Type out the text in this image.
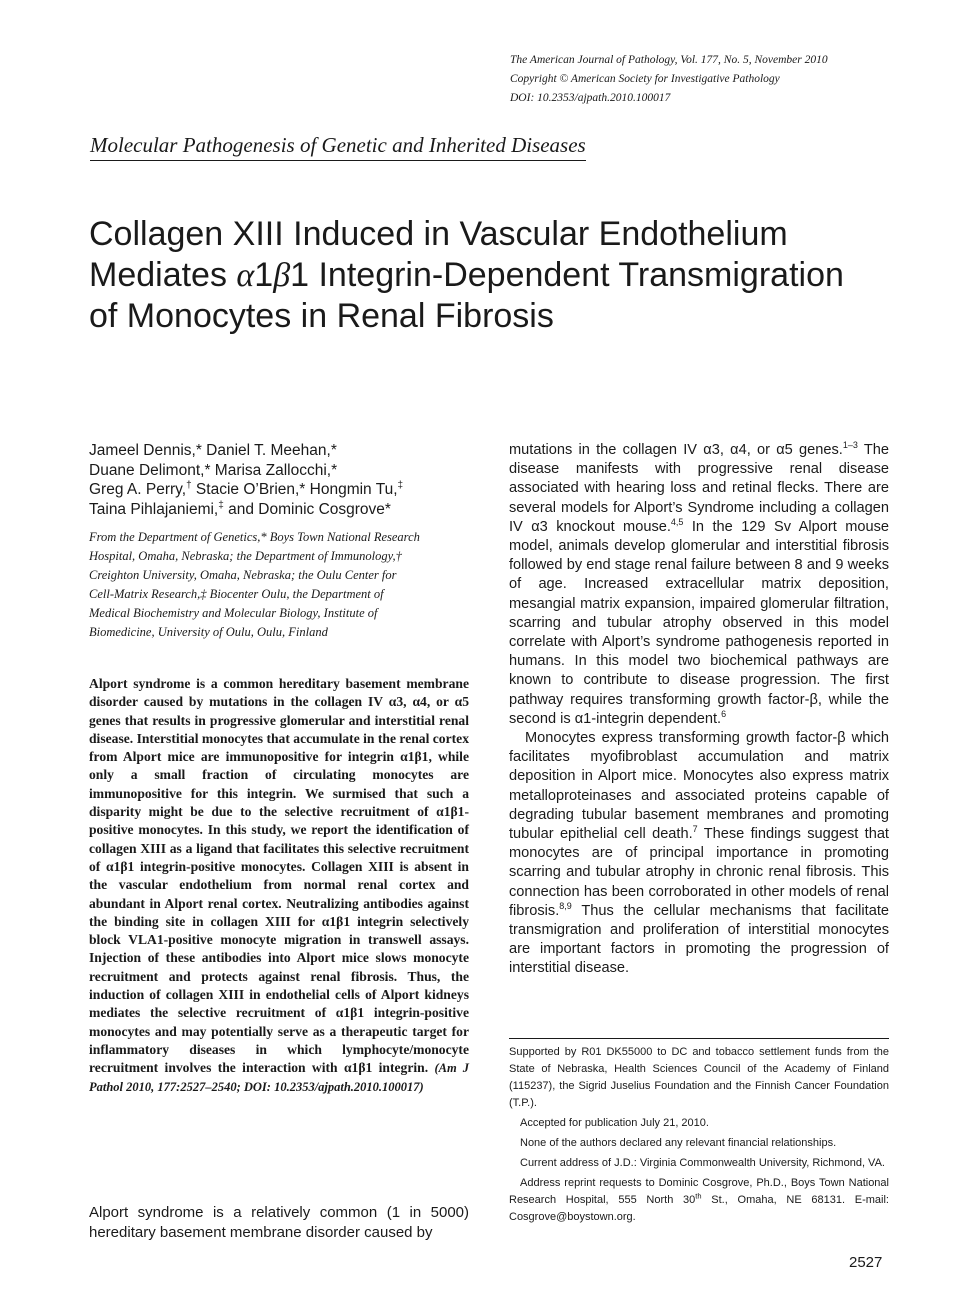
The American Journal of Pathology, Vol. 177, No. 5, November 2010
Copyright © American Society for Investigative Pathology
DOI: 10.2353/ajpath.2010.100017
Molecular Pathogenesis of Genetic and Inherited Diseases
Collagen XIII Induced in Vascular Endothelium
Mediates α1β1 Integrin-Dependent Transmigration
of Monocytes in Renal Fibrosis
Jameel Dennis,* Daniel T. Meehan,*
Duane Delimont,* Marisa Zallocchi,*
Greg A. Perry,† Stacie O’Brien,* Hongmin Tu,‡
Taina Pihlajaniemi,‡ and Dominic Cosgrove*
From the Department of Genetics,* Boys Town National Research
Hospital, Omaha, Nebraska; the Department of Immunology,†
Creighton University, Omaha, Nebraska; the Oulu Center for
Cell-Matrix Research,‡ Biocenter Oulu, the Department of
Medical Biochemistry and Molecular Biology, Institute of
Biomedicine, University of Oulu, Oulu, Finland
Alport syndrome is a common hereditary basement membrane disorder caused by mutations in the collagen IV α3, α4, or α5 genes that results in progressive glomerular and interstitial renal disease. Interstitial monocytes that accumulate in the renal cortex from Alport mice are immunopositive for integrin α1β1, while only a small fraction of circulating monocytes are immunopositive for this integrin. We surmised that such a disparity might be due to the selective recruitment of α1β1-positive monocytes. In this study, we report the identification of collagen XIII as a ligand that facilitates this selective recruitment of α1β1 integrin-positive monocytes. Collagen XIII is absent in the vascular endothelium from normal renal cortex and abundant in Alport renal cortex. Neutralizing antibodies against the binding site in collagen XIII for α1β1 integrin selectively block VLA1-positive monocyte migration in transwell assays. Injection of these antibodies into Alport mice slows monocyte recruitment and protects against renal fibrosis. Thus, the induction of collagen XIII in endothelial cells of Alport kidneys mediates the selective recruitment of α1β1 integrin-positive monocytes and may potentially serve as a therapeutic target for inflammatory diseases in which lymphocyte/monocyte recruitment involves the interaction with α1β1 integrin. (Am J Pathol 2010, 177:2527–2540; DOI: 10.2353/ajpath.2010.100017)
Alport syndrome is a relatively common (1 in 5000) hereditary basement membrane disorder caused by

mutations in the collagen IV α3, α4, or α5 genes.$^{1-3}$ The disease manifests with progressive renal disease associated with hearing loss and retinal flecks. There are several models for Alport’s Syndrome including a collagen IV α3 knockout mouse.$^{4,5}$ In the 129 Sv Alport mouse model, animals develop glomerular and interstitial fibrosis followed by end stage renal failure between 8 and 9 weeks of age. Increased extracellular matrix deposition, mesangial matrix expansion, impaired glomerular filtration, scarring and tubular atrophy observed in this model correlate with Alport’s syndrome pathogenesis reported in humans. In this model two biochemical pathways are known to contribute to disease progression. The first pathway requires transforming growth factor-β, while the second is α1-integrin dependent.$^6$

Monocytes express transforming growth factor-β which facilitates myofibroblast accumulation and matrix deposition in Alport mice. Monocytes also express matrix metalloproteinases and associated proteins capable of degrading tubular basement membranes and promoting tubular epithelial cell death.$^7$ These findings suggest that monocytes are of principal importance in promoting scarring and tubular atrophy in chronic renal fibrosis. This connection has been corroborated in other models of renal fibrosis.$^{8,9}$ Thus the cellular mechanisms that facilitate transmigration and proliferation of interstitial monocytes are important factors in promoting the progression of interstitial disease.

Supported by R01 DK55000 to DC and tobacco settlement funds from the State of Nebraska, Health Sciences Council of the Academy of Finland (115237), the Sigrid Juselius Foundation and the Finnish Cancer Foundation (T.P.).

Accepted for publication July 21, 2010.

None of the authors declared any relevant financial relationships.

Current address of J.D.: Virginia Commonwealth University, Richmond, VA.

Address reprint requests to Dominic Cosgrove, Ph.D., Boys Town National Research Hospital, 555 North 30th St., Omaha, NE 68131. E-mail: Cosgrove@boystown.org.

2527
